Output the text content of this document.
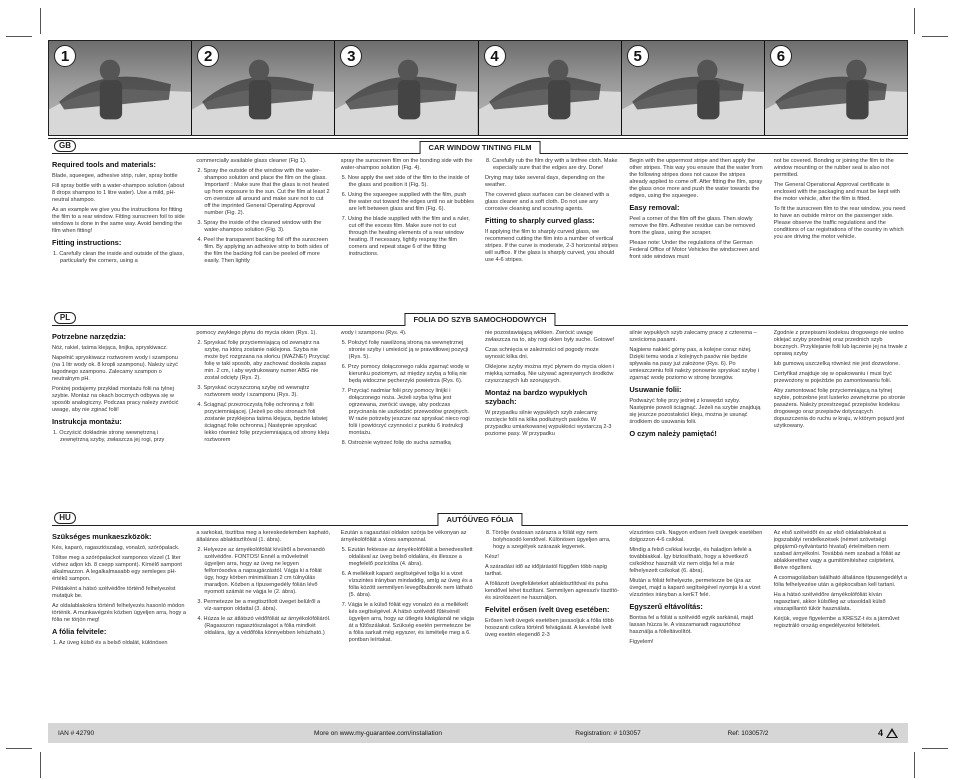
1	2	3	4	5	6
GB	CAR WINDOW TINTING FILM
Required tools and materials:

Blade, squeegee, adhesive strip, ruler, spray bottle

Fill spray bottle with a water-shampoo solution (about 8 drops shampoo to 1 litre water). Use a mild, pH-neutral shampoo.

As an example we give you the instructions for fitting the film to a rear window. Fitting sunscreen foil to side windows is done in the same way. Avoid bending the film when fitting!

Fitting instructions:

1. Carefully clean the inside and outside of the glass, particularly the corners, using a

commercially available glass cleaner (Fig 1).

2. Spray the outside of the window with the water-shampoo solution and place the film on the glass. Important! : Make sure that the glass is not heated up from exposure to the sun. Cut the film at least 2 cm oversize all around and make sure not to cut off the imprinted General Operating Approval number (Fig. 2).

3. Spray the inside of the cleaned window with the water-shampoo solution (Fig. 3).

4. Peel the transparent backing foil off the sunscreen film. By applying an adhesive strip to both sides of the film the backing foil can be peeled off more easily. Then lightly

spray the sunscreen film on the bonding side with the water-shampoo solution (Fig. 4).

5. Now apply the wet side of the film to the inside of the glass and position it (Fig. 5).

6. Using the squeegee supplied with the film, push the water out toward the edges until no air bubbles are left between glass and film (Fig. 6).

7. Using the blade supplied with the film and a ruler, cut off the excess film. Make sure not to cut through the heating elements of a rear window heating. If necessary, lightly respray the film corners and repeat stage 6 of the fitting instructions.

8. Carefully rub the film dry with a lintfree cloth. Make especially sure that the edges are dry. Done!

Drying may take several days, depending on the weather.

The covered glass surfaces can be cleaned with a glass cleaner and a soft cloth. Do not use any corrosive cleaning and scouring agents.

Fitting to sharply curved glass:

If applying the film to sharply curved glass, we recommend cutting the film into a number of vertical stripes. If the curve is moderate, 2-3 horizontal stripes will suffice. If the glass is sharply curved, you should use 4-6 stripes.

Begin with the uppermost stripe and then apply the other stripes. This way you ensure that the water from the following stripes does not cause the stripes already applied to come off. After fitting the film, spray the glass once more and push the water towards the edges, using the squeegee.

Easy removal:

Peel a corner of the film off the glass. Then slowly remove the film. Adhesive residue can be removed from the glass, using the scraper.

Please note: Under the regulations of the German Federal Office of Motor Vehicles the windscreen and front side windows must

not be covered. Bonding or joining the film to the window mounting or the rubber seal is also not permitted.

The General Operational Approval certificate is enclosed with the packaging and must be kept with the motor vehicle, after the film is fitted.

To fit the sunscreen film to the rear window, you need to have an outside mirror on the passenger side. Please observe the traffic regulations and the conditions of car registrations of the country in which you are driving the motor vehicle.

PL	FOLIA DO SZYB SAMOCHODOWYCH
Potrzebne narzędzia:

Nóż, rakiel, taśma klejąca, linijka, spryskiwacz.

Napełnić spryskiwacz roztworem wody i szamponu (na 1 litr wody ok. 8 kropli szamponu). Należy użyć łagodnego szamponu. Zalecamy szampon o neutralnym pH.

Poniżej podajemy przykład montażu folii na tylnej szybie. Montaż na okach bocznych odbywa się w sposób analogiczny. Podczas pracy należy zwrócić uwagę, aby nie zginać folii!

Instrukcja montażu:

1. Oczyścić dokładnie stronę wewnętrzną i zewnętrzną szyby, zwłaszcza jej rogi, przy

pomocy zwykłego płynu do mycia okien (Rys. 1).

2. Spryskać folię przyciemniającą od zewnątrz na szybę, na którą zostanie naklejona. Szyba nie może być rozgrzana na słońcu (WAŻNE!) Przyciąć folię w taki sposób, aby zachować dookoła zapas min. 2 cm, i aby wydrukowany numer ABG nie został odcięty (Rys. 2).

3. Spryskać oczyszczoną szybę od wewnątrz roztworem wody i szamponu (Rys. 3).

4. Ściągnąć przezroczystą folię ochronną z folii przyciemniającej. (Jeżeli po obu stronach foli zostanie przyklejona taśma klejąca, będzie łatwiej ściągnąć folie ochronna.) Następnie spryskać lekko również folię przyciemniającą od strony kleju roztworem

wody i szamponu (Rys. 4).

5. Położyć folię nawilżoną stroną na wewnętrznej stronie szyby i umieścić ją w prawidłowej pozycji (Rys. 5).

6. Przy pomocy dołączonego rakla zgarnąć wodę w kierunku poziomym, aż między szybą a folią nie będą widoczne pęcherzyki powietrza (Rys. 6).

7. Przyciąć nadmiar folii przy pomocy linijki i dołączonego noża. Jeżeli szyba tylna jest ogrzewana, zwrócić uwagę, aby podczas przycinania nie uszkodzić przewodów grzejnych. W razie potrzeby jeszcze raz spryskać nieco rogi folii i powtórzyć czynności z punktu 6 instrukcji montażu.

8. Ostrożnie wytrzeć folię do sucha szmatką

nie pozostawiającą włókien. Zwrócić uwagę zwłaszcza na to, aby rogi okien były suche. Gotowe!

Czas schnięcia w zależności od pogody może wynosić kilka dni.

Oklejone szyby można myć płynem do mycia okien i miękką szmatką. Nie używać agresywnych środków czyszczących lub szorujących.

Montaż na bardzo wypukłych szybach:

W przypadku silnie wypukłych szyb zalecamy rozcięcie folii na kilka podłużnych pasków. W przypadku umiarkowanej wypukłości wystarczą 2-3 poziome pasy. W przypadku

silnie wypukłych szyb zalecamy pracę z czterema – sześcioma pasami.

Najpierw nakleić górny pas, a kolejne coraz niżej. Dzięki temu woda z kolejnych pasów nie będzie spływała na pasy już założone (Rys. 6). Po umieszczeniu folii należy ponownie spryskać szybę i zgarnąć wodę poziomo w stronę brzegów.

Usuwanie folii:

Podważyć folię przy jednej z krawędzi szyby. Następnie powoli ściągnąć. Jeżeli na szybie znajdują się jeszcze pozostałości kleju, można je usunąć środkiem do usuwania folii.

O czym należy pamiętać!

Zgodnie z przepisami kodeksu drogowego nie wolno oklejać szyby przedniej oraz przednich szyb bocznych. Przyklejanie folii lub łączenie jej na trwałe z oprawą szyby

lub gumową uszczelką również nie jest dozwolone.

Certyfikat znajduje się w opakowaniu i musi być przewożony w pojeździe po zamontowaniu folii.

Aby zamontować folię przyciemniającą na tylnej szybie, potrzebne jest lusterko zewnętrzne po stronie pasażera. Należy przestrzegać przepisów kodeksu drogowego oraz przepisów dotyczących dopuszczenia do ruchu w kraju, w którym pojazd jest użytkowany.

HU	AUTÓÜVEG FÓLIA
Szükséges munkaeszközök:

Kés, kaparó, ragasztószalag, vonalzó, szórópalack.

Töltse meg a szórópalackot samponos vízzel (1 liter vízhez adjon kb. 8 csepp sampont). Kímélő sampont alkalmazzon. A legalkalmasabb egy semleges pH-értékű sampon.

Példaként a hátsó szélvédőre történő felhelyezést mutatjuk be.

Az oldalablakokra történő felhelyezés hasonló módon történik. A munkavégzés közben ügyeljen arra, hogy a fólia ne törjön meg!

A fólia felvitele:

1. Az üveg külső és a belső oldalát, különösen

a sarkokat, tisztítsa meg a kereskedelemben kapható, általános ablaktisztítóval (1. ábra).

2. Helyezze az árnyékolófóliát kívülről a bevonandó szélvédőre. FONTOS! Ennél a műveletnél ügyeljen arra, hogy az üveg ne legyen felforrósodva a napsugárzástól. Vágja ki a fóliát úgy, hogy körben minimálisan 2 cm túlnyúlás maradjon. Közben a típusengedély fólián lévő nyomott számát ne vágja le (2. ábra).

3. Permetezze be a megtisztított üveget belülről a víz-sampon oldattal (3. ábra).

4. Húzza le az átlátszó védőfóliát az árnyékolófóliáról. (Ragasszon ragasztószalagot a fólia mindkét oldalára, így a védőfólia könnyebben lehúzható.)

Ezután a ragasztási oldalon szórja be vékonyan az árnyékolófóliát a vízes samponnal.

5. Ezután fektesse az árnyékolófóliát a benedvesített oldalával az üveg belső oldalára, és illessze a megfelelő pozícióba (4. ábra).

6. A mellékelt kaparó segítségével toljja ki a vizet vízszintes irányban mindaddig, amíg az üveg és a fólia között semmilyen levegőbuborék nem látható (5. ábra).

7. Vágja le a külső fóliát egy vonalzó és a mellékelt kés segítségével. A hátsó szélvédő fűtésénél ügyeljen arra, hogy az ütlegés kivágásnál ne vágja át a fűtőszálakat. Szükség esetén permetezze be a fólia sarkait még egyszer, és ismételje meg a 6. pontban leírtakat.

8. Törölje óvatosan szárazra a fóliát egy nem bolyhosodó kendővel. Különösen ügyeljen arra, hogy a szegélyek szárazak legyenek.

Kész!

A száradási idő az időjárástól függően több napig tarthat.

A fóliázott üvegfelületeket ablaktisztítóval és puha kendővel lehet tisztítani. Semmilyen agresszív tisztító- és súrolószert ne használjon.

Felvitel erősen ívelt üveg esetében:

Erősen ívelt üvegek esetében javasoljuk a fólia több hosszanti csíkra történő felvágását. A kevésbé ívelt üveg esetén elegendő 2-3

vízszintes csík. Nagyon erősen ívelt üvegek esetében dolgozzon 4-6 csíkkal.

Mindig a felső csíkkal kezdje, és haladjon lefelé a továbbiakkal. Így biztosítható, hogy a következő csíkokhoz használt víz nem oldja fel a már felhelyezett csíkokat (6. ábra).

Miután a fóliát felhelyezte, permetezze be újra az üveget, majd a kaparó segítségével nyomja ki a vizet vízszintes irányban a kerET felé.

Egyszerű eltávolítás:

Bontsa fel a fóliát a szélvédő egyik sarkánál, majd lassan húzza le. A visszamaradt ragasztóhoz használja a fólieltávolítót.

Figyelem!

Az első szélvédőt és az első oldalablakokat a jogszabályi rendelkezések (német szövetségi gépjármű-nyilvántartó hivatal) értelmében nem szabad árnyékolni. Továbbá nem szabad a fóliát az ablakkerethez vagy a gumitömítéshez csípteteni, illetve rögzíteni.

A csomagolásban található általános típusengedélyt a fólia felhelyezése után a gépkocsiban kell tartani.

Ha a hátsó szélvédőre árnyékolófóliát kíván ragasztani, akkor külsőleg az utasoldali külső visszapillantó tükör használata.

Kérjük, vegye figyelembe a KRESZ-t és a járművet regisztráló ország engedélyezési feltételeit.

IAN # 42790	More on www.my-guarantee.com/installation	Registration: # 103057	Ref: 103057/2	4
